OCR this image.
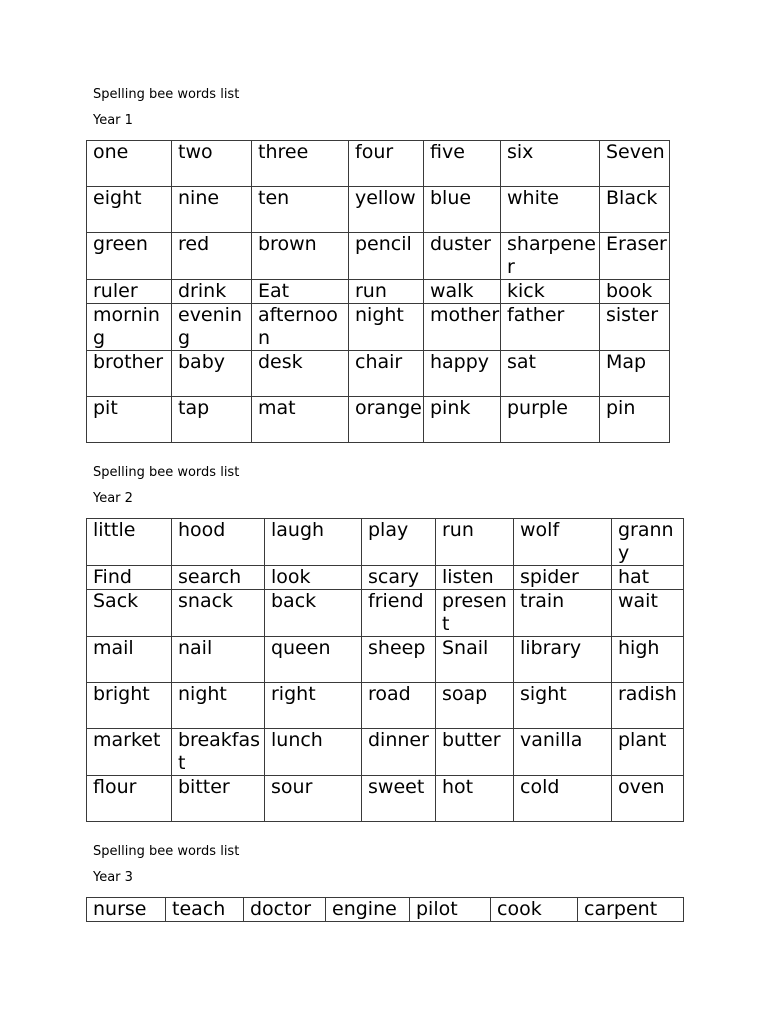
Spelling bee words list
Year 1
one	two	three	four	five	six	Seven

eight	nine	ten	yellow	blue	white	Black

green	red	brown	pencil	duster	sharpener	Eraser

ruler	drink	Eat	run	walk	kick	book

morning	evening	afternoon	night	mother	father	sister

brother	baby	desk	chair	happy	sat	Map

pit	tap	mat	orange	pink	purple	pin
Spelling bee words list
Year 2
little	hood	laugh	play	run	wolf	granny

Find	search	look	scary	listen	spider	hat

Sack	snack	back	friend	present	train	wait

mail	nail	queen	sheep	Snail	library	high

bright	night	right	road	soap	sight	radish

market	breakfast	lunch	dinner	butter	vanilla	plant

flour	bitter	sour	sweet	hot	cold	oven
Spelling bee words list
Year 3
nurse	teach	doctor	engine	pilot	cook	carpent
